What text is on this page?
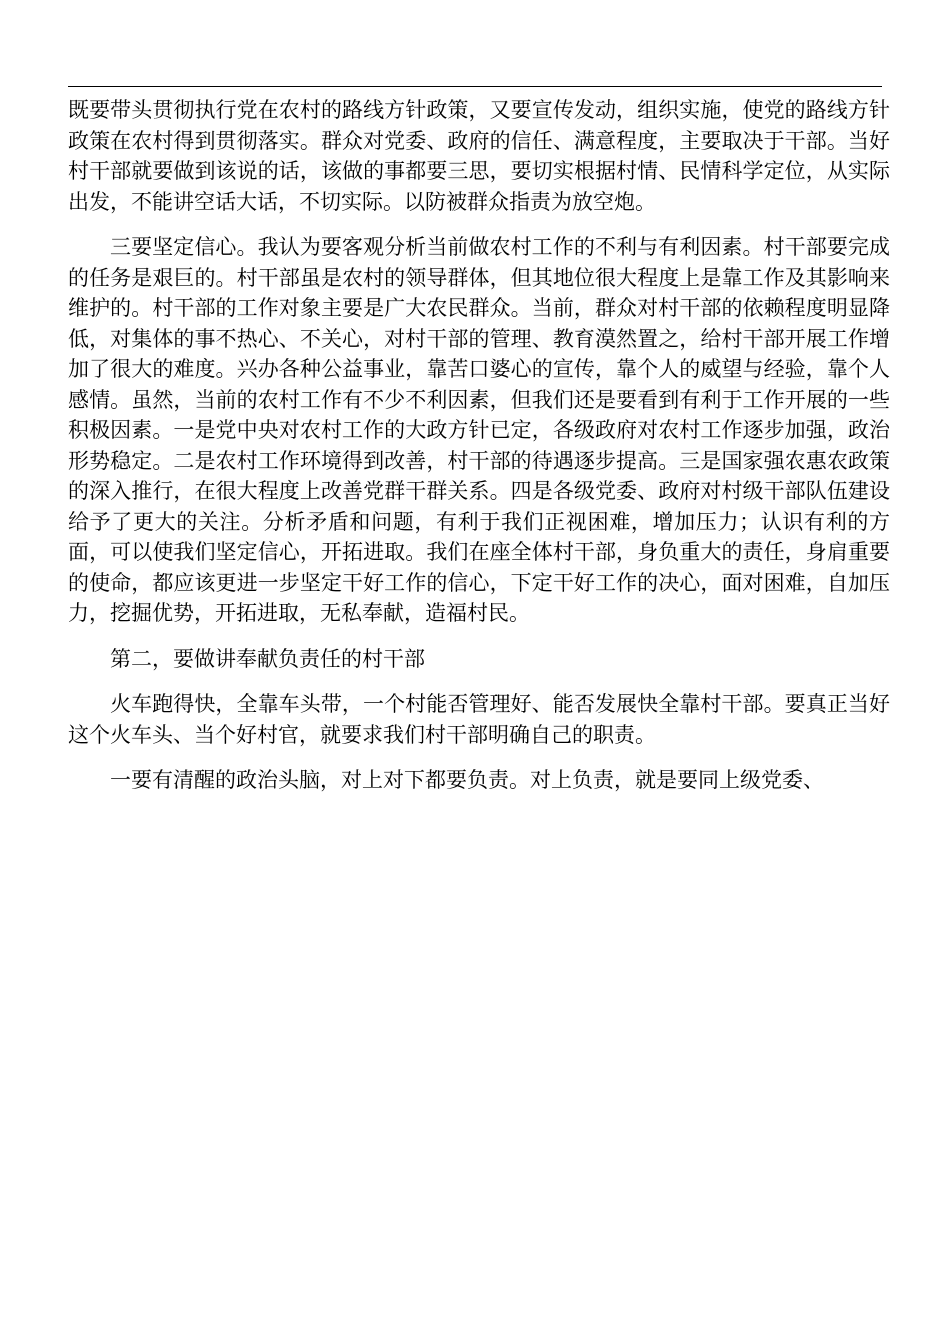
既要带头贯彻执行党在农村的路线方针政策，又要宣传发动，组织实施，使党的路线方针政策在农村得到贯彻落实。群众对党委、政府的信任、满意程度，主要取决于干部。当好村干部就要做到该说的话，该做的事都要三思，要切实根据村情、民情科学定位，从实际出发，不能讲空话大话，不切实际。以防被群众指责为放空炮。

三要坚定信心。我认为要客观分析当前做农村工作的不利与有利因素。村干部要完成的任务是艰巨的。村干部虽是农村的领导群体，但其地位很大程度上是靠工作及其影响来维护的。村干部的工作对象主要是广大农民群众。当前，群众对村干部的依赖程度明显降低，对集体的事不热心、不关心，对村干部的管理、教育漠然置之，给村干部开展工作增加了很大的难度。兴办各种公益事业，靠苦口婆心的宣传，靠个人的威望与经验，靠个人感情。虽然，当前的农村工作有不少不利因素，但我们还是要看到有利于工作开展的一些积极因素。一是党中央对农村工作的大政方针已定，各级政府对农村工作逐步加强，政治形势稳定。二是农村工作环境得到改善，村干部的待遇逐步提高。三是国家强农惠农政策的深入推行，在很大程度上改善党群干群关系。四是各级党委、政府对村级干部队伍建设给予了更大的关注。分析矛盾和问题，有利于我们正视困难，增加压力；认识有利的方面，可以使我们坚定信心，开拓进取。我们在座全体村干部，身负重大的责任，身肩重要的使命，都应该更进一步坚定干好工作的信心，下定干好工作的决心，面对困难，自加压力，挖掘优势，开拓进取，无私奉献，造福村民。

第二，要做讲奉献负责任的村干部

火车跑得快，全靠车头带，一个村能否管理好、能否发展快全靠村干部。要真正当好这个火车头、当个好村官，就要求我们村干部明确自己的职责。

一要有清醒的政治头脑，对上对下都要负责。对上负责，就是要同上级党委、
